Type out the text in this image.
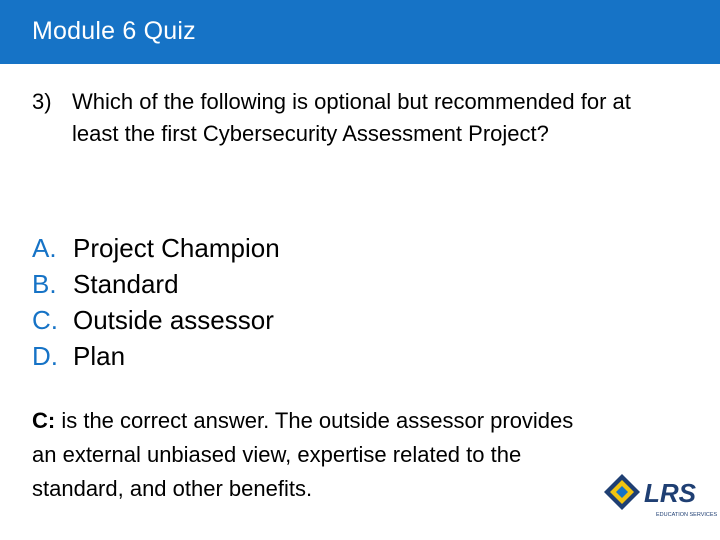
Module 6 Quiz
3) Which of the following is optional but recommended for at least the first Cybersecurity Assessment Project?
A. Project Champion
B. Standard
C. Outside assessor
D. Plan
C: is the correct answer. The outside assessor provides an external unbiased view, expertise related to the standard, and other benefits.	LRS
EDUCATION SERVICES
